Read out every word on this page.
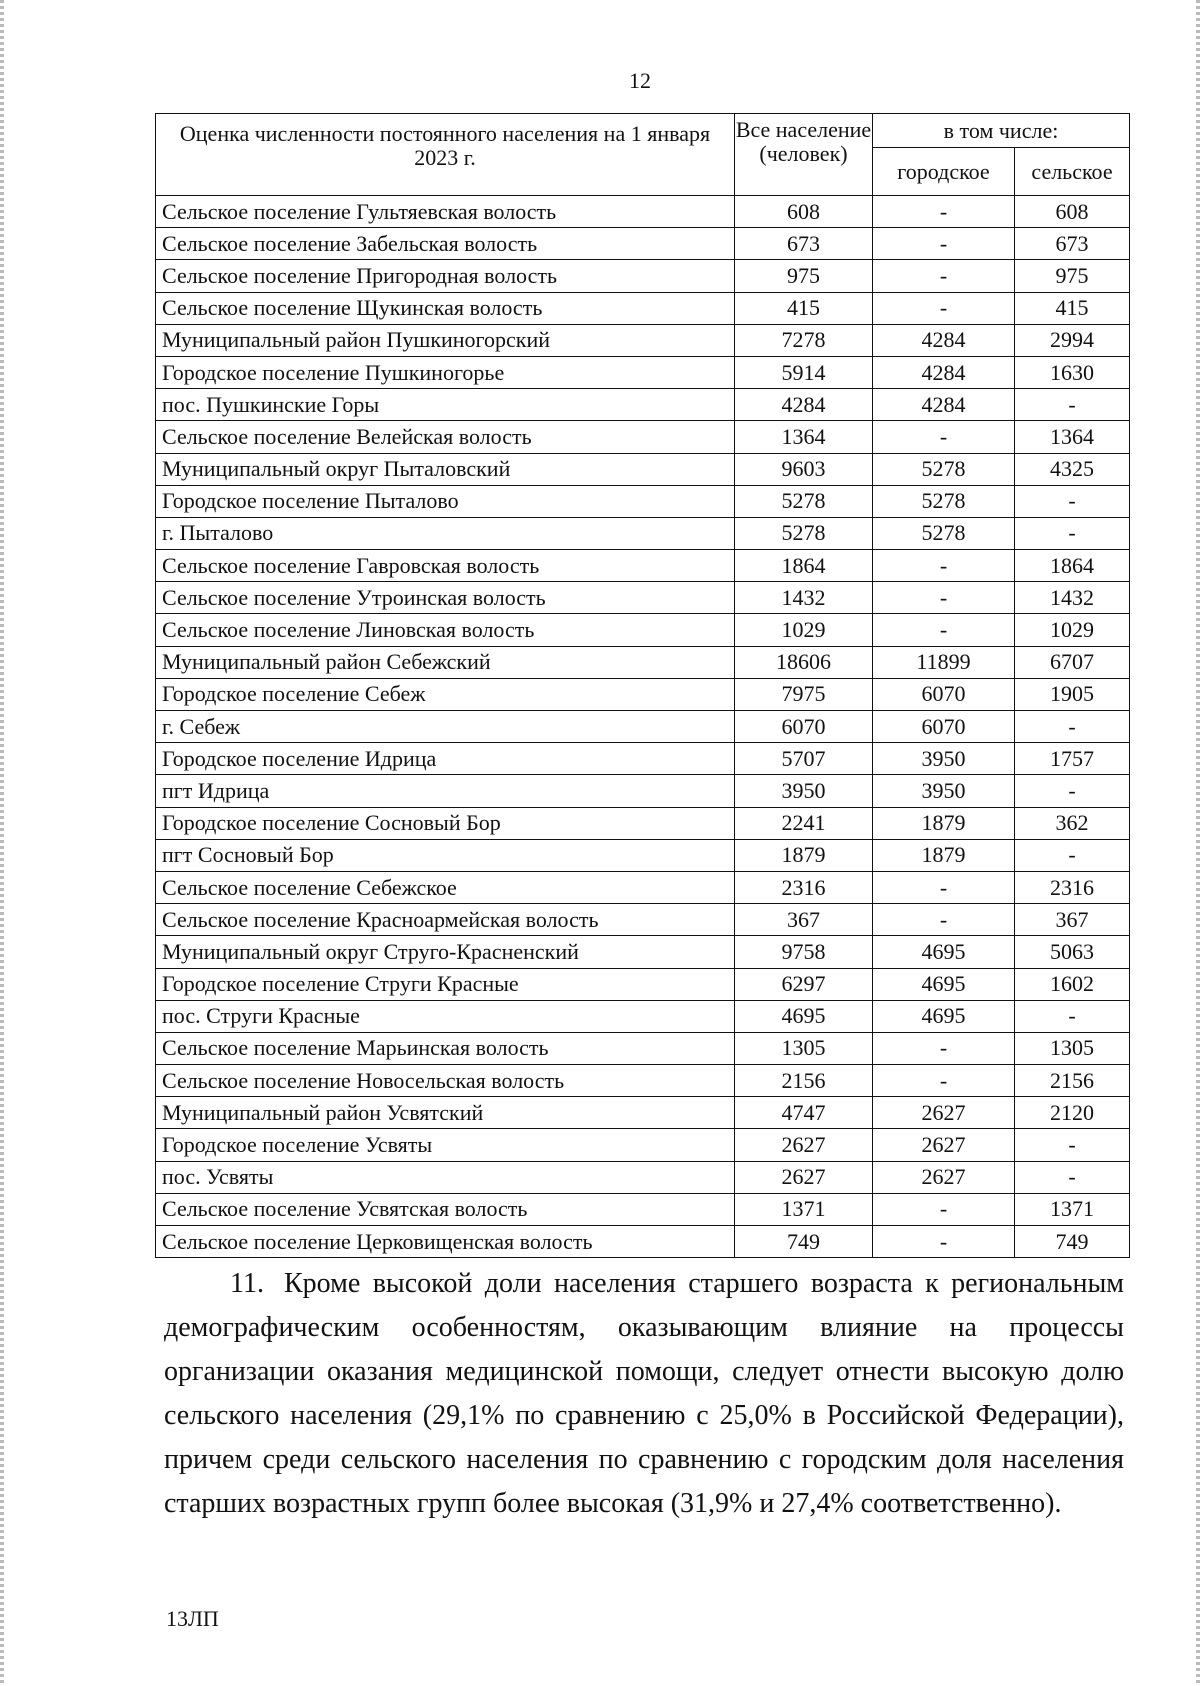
12
Оценка численности постоянного населения на 1 января 2023 г.	Все население (человек)	в том числе:	
		городское	сельское
Сельское поселение Гультяевская волость	608	-	608
Сельское поселение Забельская волость	673	-	673
Сельское поселение Пригородная волость	975	-	975
Сельское поселение Щукинская волость	415	-	415
Муниципальный район Пушкиногорский	7278	4284	2994
Городское поселение Пушкиногорье	5914	4284	1630
пос. Пушкинские Горы	4284	4284	-
Сельское поселение Велейская волость	1364	-	1364
Муниципальный округ Пыталовский	9603	5278	4325
Городское поселение Пыталово	5278	5278	-
г. Пыталово	5278	5278	-
Сельское поселение Гавровская волость	1864	-	1864
Сельское поселение Утроинская волость	1432	-	1432
Сельское поселение Линовская волость	1029	-	1029
Муниципальный район Себежский	18606	11899	6707
Городское поселение Себеж	7975	6070	1905
г. Себеж	6070	6070	-
Городское поселение Идрица	5707	3950	1757
пгт Идрица	3950	3950	-
Городское поселение Сосновый Бор	2241	1879	362
пгт Сосновый Бор	1879	1879	-
Сельское поселение Себежское	2316	-	2316
Сельское поселение Красноармейская волость	367	-	367
Муниципальный округ Струго-Красненский	9758	4695	5063
Городское поселение Струги Красные	6297	4695	1602
пос. Струги Красные	4695	4695	-
Сельское поселение Марьинская волость	1305	-	1305
Сельское поселение Новосельская волость	2156	-	2156
Муниципальный район Усвятский	4747	2627	2120
Городское поселение Усвяты	2627	2627	-
пос. Усвяты	2627	2627	-
Сельское поселение Усвятская волость	1371	-	1371
Сельское поселение Церковищенская волость	749	-	749
11. Кроме высокой доли населения старшего возраста к региональным демографическим особенностям, оказывающим влияние на процессы организации оказания медицинской помощи, следует отнести высокую долю сельского населения (29,1% по сравнению с 25,0% в Российской Федерации), причем среди сельского населения по сравнению с городским доля населения старших возрастных групп более высокая (31,9% и 27,4% соответственно).
13ЛП
